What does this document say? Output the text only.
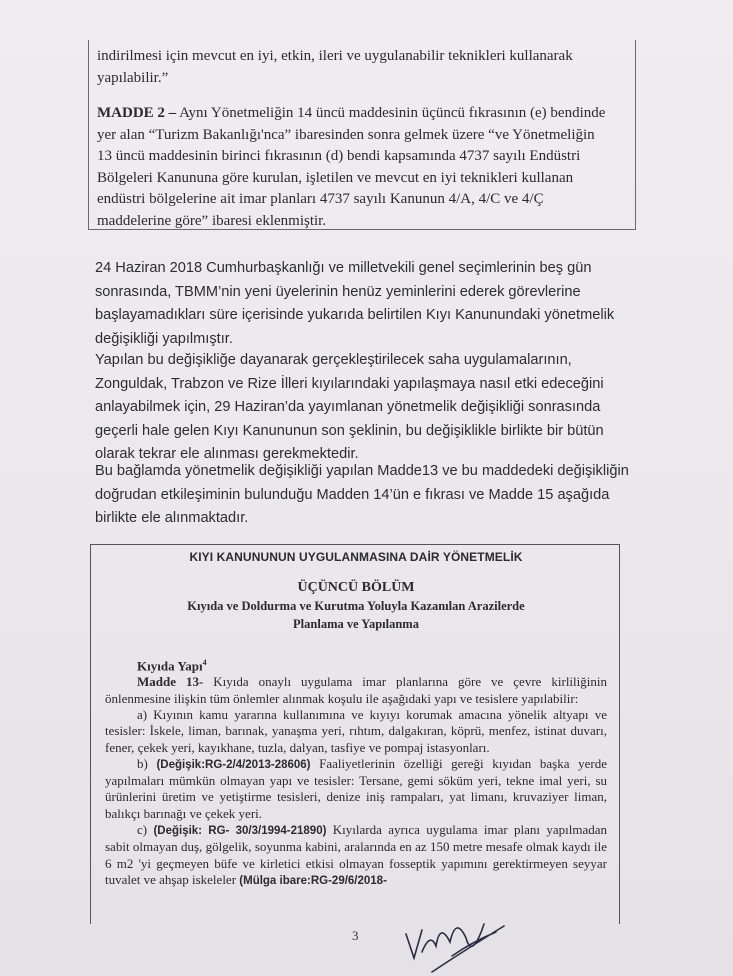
indirilmesi için mevcut en iyi, etkin, ileri ve uygulanabilir teknikleri kullanarak

yapılabilir.”

MADDE 2 – Aynı Yönetmeliğin 14 üncü maddesinin üçüncü fıkrasının (e) bendinde

yer alan “Turizm Bakanlığı'nca” ibaresinden sonra gelmek üzere “ve Yönetmeliğin

13 üncü maddesinin birinci fıkrasının (d) bendi kapsamında 4737 sayılı Endüstri

Bölgeleri Kanununa göre kurulan, işletilen ve mevcut en iyi teknikleri kullanan

endüstri bölgelerine ait imar planları 4737 sayılı Kanunun 4/A, 4/C ve 4/Ç

maddelerine göre” ibaresi eklenmiştir.

24 Haziran 2018 Cumhurbaşkanlığı ve milletvekili genel seçimlerinin beş gün
sonrasında, TBMM’nin yeni üyelerinin henüz yeminlerini ederek görevlerine
başlayamadıkları süre içerisinde yukarıda belirtilen Kıyı Kanunundaki yönetmelik
değişikliği yapılmıştır.
Yapılan bu değişikliğe dayanarak gerçekleştirilecek saha uygulamalarının,
Zonguldak, Trabzon ve Rize İlleri kıyılarındaki yapılaşmaya nasıl etki edeceğini
anlayabilmek için, 29 Haziran’da yayımlanan yönetmelik değişikliği sonrasında
geçerli hale gelen Kıyı Kanununun son şeklinin, bu değişiklikle birlikte bir bütün
olarak tekrar ele alınması gerekmektedir.
Bu bağlamda yönetmelik değişikliği yapılan Madde13 ve bu maddedeki değişikliğin
doğrudan etkileşiminin bulunduğu Madden 14’ün e fıkrası ve Madde 15 aşağıda
birlikte ele alınmaktadır.

KIYI KANUNUNUN UYGULANMASINA DAİR YÖNETMELİK

ÜÇÜNCÜ BÖLÜM

Kıyıda ve Doldurma ve Kurutma Yoluyla Kazanılan Arazilerde

Planlama ve Yapılanma

Kıyıda Yapı$^4$

Madde 13- Kıyıda onaylı uygulama imar planlarına göre ve çevre kirliliğinin önlenmesine ilişkin tüm önlemler alınmak koşulu ile aşağıdaki yapı ve tesislere yapılabilir:

a) Kıyının kamu yararına kullanımına ve kıyıyı korumak amacına yönelik altyapı ve tesisler: İskele, liman, barınak, yanaşma yeri, rıhtım, dalgakıran, köprü, menfez, istinat duvarı, fener, çekek yeri, kayıkhane, tuzla, dalyan, tasfiye ve pompaj istasyonları.

b) (Değişik:RG-2/4/2013-28606) Faaliyetlerinin özelliği gereği kıyıdan başka yerde yapılmaları mümkün olmayan yapı ve tesisler: Tersane, gemi söküm yeri, tekne imal yeri, su ürünlerini üretim ve yetiştirme tesisleri, denize iniş rampaları, yat limanı, kruvaziyer liman, balıkçı barınağı ve çekek yeri.

c) (Değişik: RG- 30/3/1994-21890) Kıyılarda ayrıca uygulama imar planı yapılmadan sabit olmayan duş, gölgelik, soyunma kabini, aralarında en az 150 metre mesafe olmak kaydı ile 6 m2 'yi geçmeyen büfe ve kirletici etkisi olmayan fosseptik yapımını gerektirmeyen seyyar tuvalet ve ahşap iskeleler (Mülga ibare:RG-29/6/2018-

3
